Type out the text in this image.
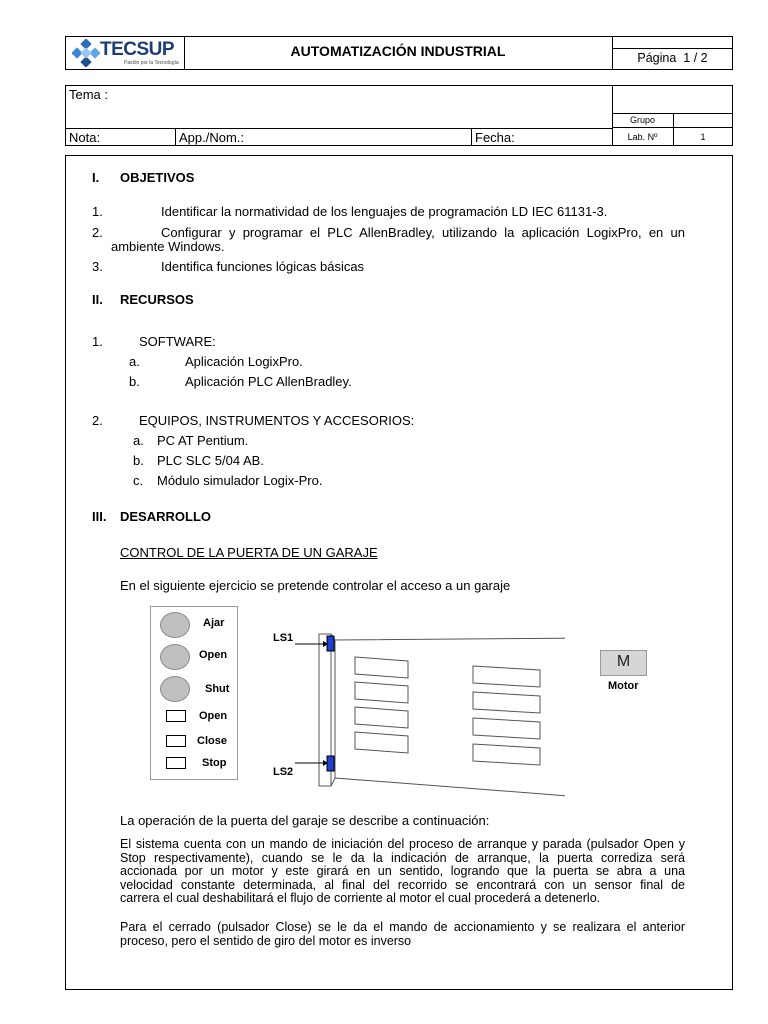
TECSUP
Pasión por la Tecnología
AUTOMATIZACIÓN INDUSTRIAL	Página 1 / 2
Tema :
Grupo
Nota:	App./Nom.:	Fecha:	Lab. Nº	1
I. OBJETIVOS
1.	Identificar la normatividad de los lenguajes de programación LD IEC 61131-3.
2.	Configurar y programar el PLC AllenBradley, utilizando la aplicación LogixPro, en un
ambiente Windows.
3.	Identifica funciones lógicas básicas
II. RECURSOS
1.	SOFTWARE:
a.	Aplicación LogixPro.
b.	Aplicación PLC AllenBradley.
2.	EQUIPOS, INSTRUMENTOS Y ACCESORIOS:
a. PC AT Pentium.
b. PLC SLC 5/04 AB.
c. Módulo simulador Logix-Pro.
III. DESARROLLO
CONTROL DE LA PUERTA DE UN GARAJE
En el siguiente ejercicio se pretende controlar el acceso a un garaje
Ajar
Open
Shut
Open
Close
Stop
LS1
LS2
M
Motor
La operación de la puerta del garaje se describe a continuación:
El sistema cuenta con un mando de iniciación del proceso de arranque y parada (pulsador Open y
Stop respectivamente), cuando se le da la indicación de arranque, la puerta corrediza será
accionada por un motor y este girará en un sentido, logrando que la puerta se abra a una
velocidad constante determinada, al final del recorrido se encontrará con un sensor final de
carrera el cual deshabilitará el flujo de corriente al motor el cual procederá a detenerlo.
Para el cerrado (pulsador Close) se le da el mando de accionamiento y se realizara el anterior
proceso, pero el sentido de giro del motor es inverso
